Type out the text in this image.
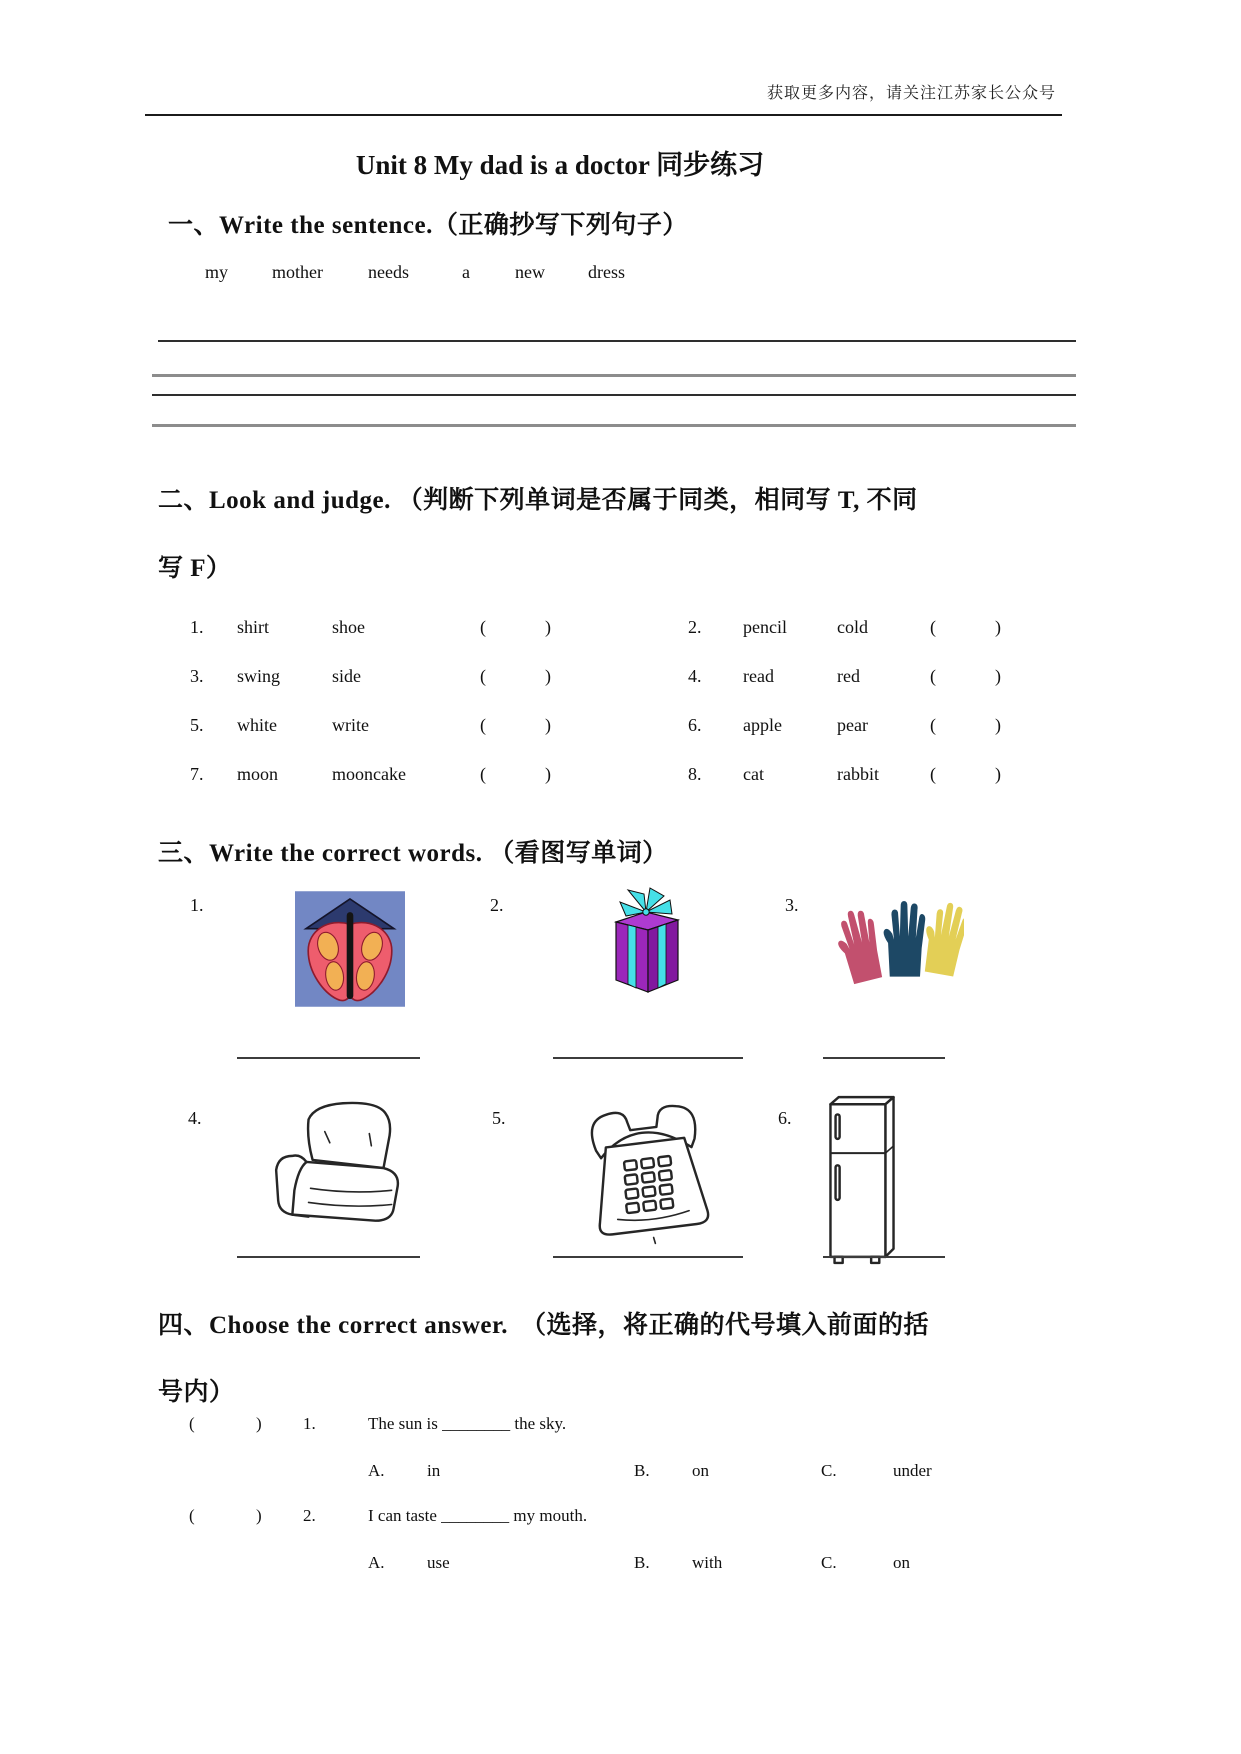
获取更多内容，请关注江苏家长公众号
Unit 8 My dad is a doctor 同步练习
一、Write the sentence.（正确抄写下列句子）
my mother	needs	a	new dress
二、Look and judge. （判断下列单词是否属于同类，相同写 T, 不同
写 F）
1. shirt	shoe	(	)	2. pencil	cold	(	)
3. swing	side	(	)	4. read	red	(	)
5. white	write	(	)	6. apple	pear	(	)
7. moon	mooncake	(	)	8. cat	rabbit	(	)
三、Write the correct words. （看图写单词）
1.	2.	3.
4.	5.	6.
四、Choose the correct answer.　（选择，将正确的代号填入前面的括
号内）
(	) 1.	The sun is ________ the sky.
A. in	B. on	C.	under
(	) 2.	I can taste ________ my mouth.
A. use	B. with	C.	on
